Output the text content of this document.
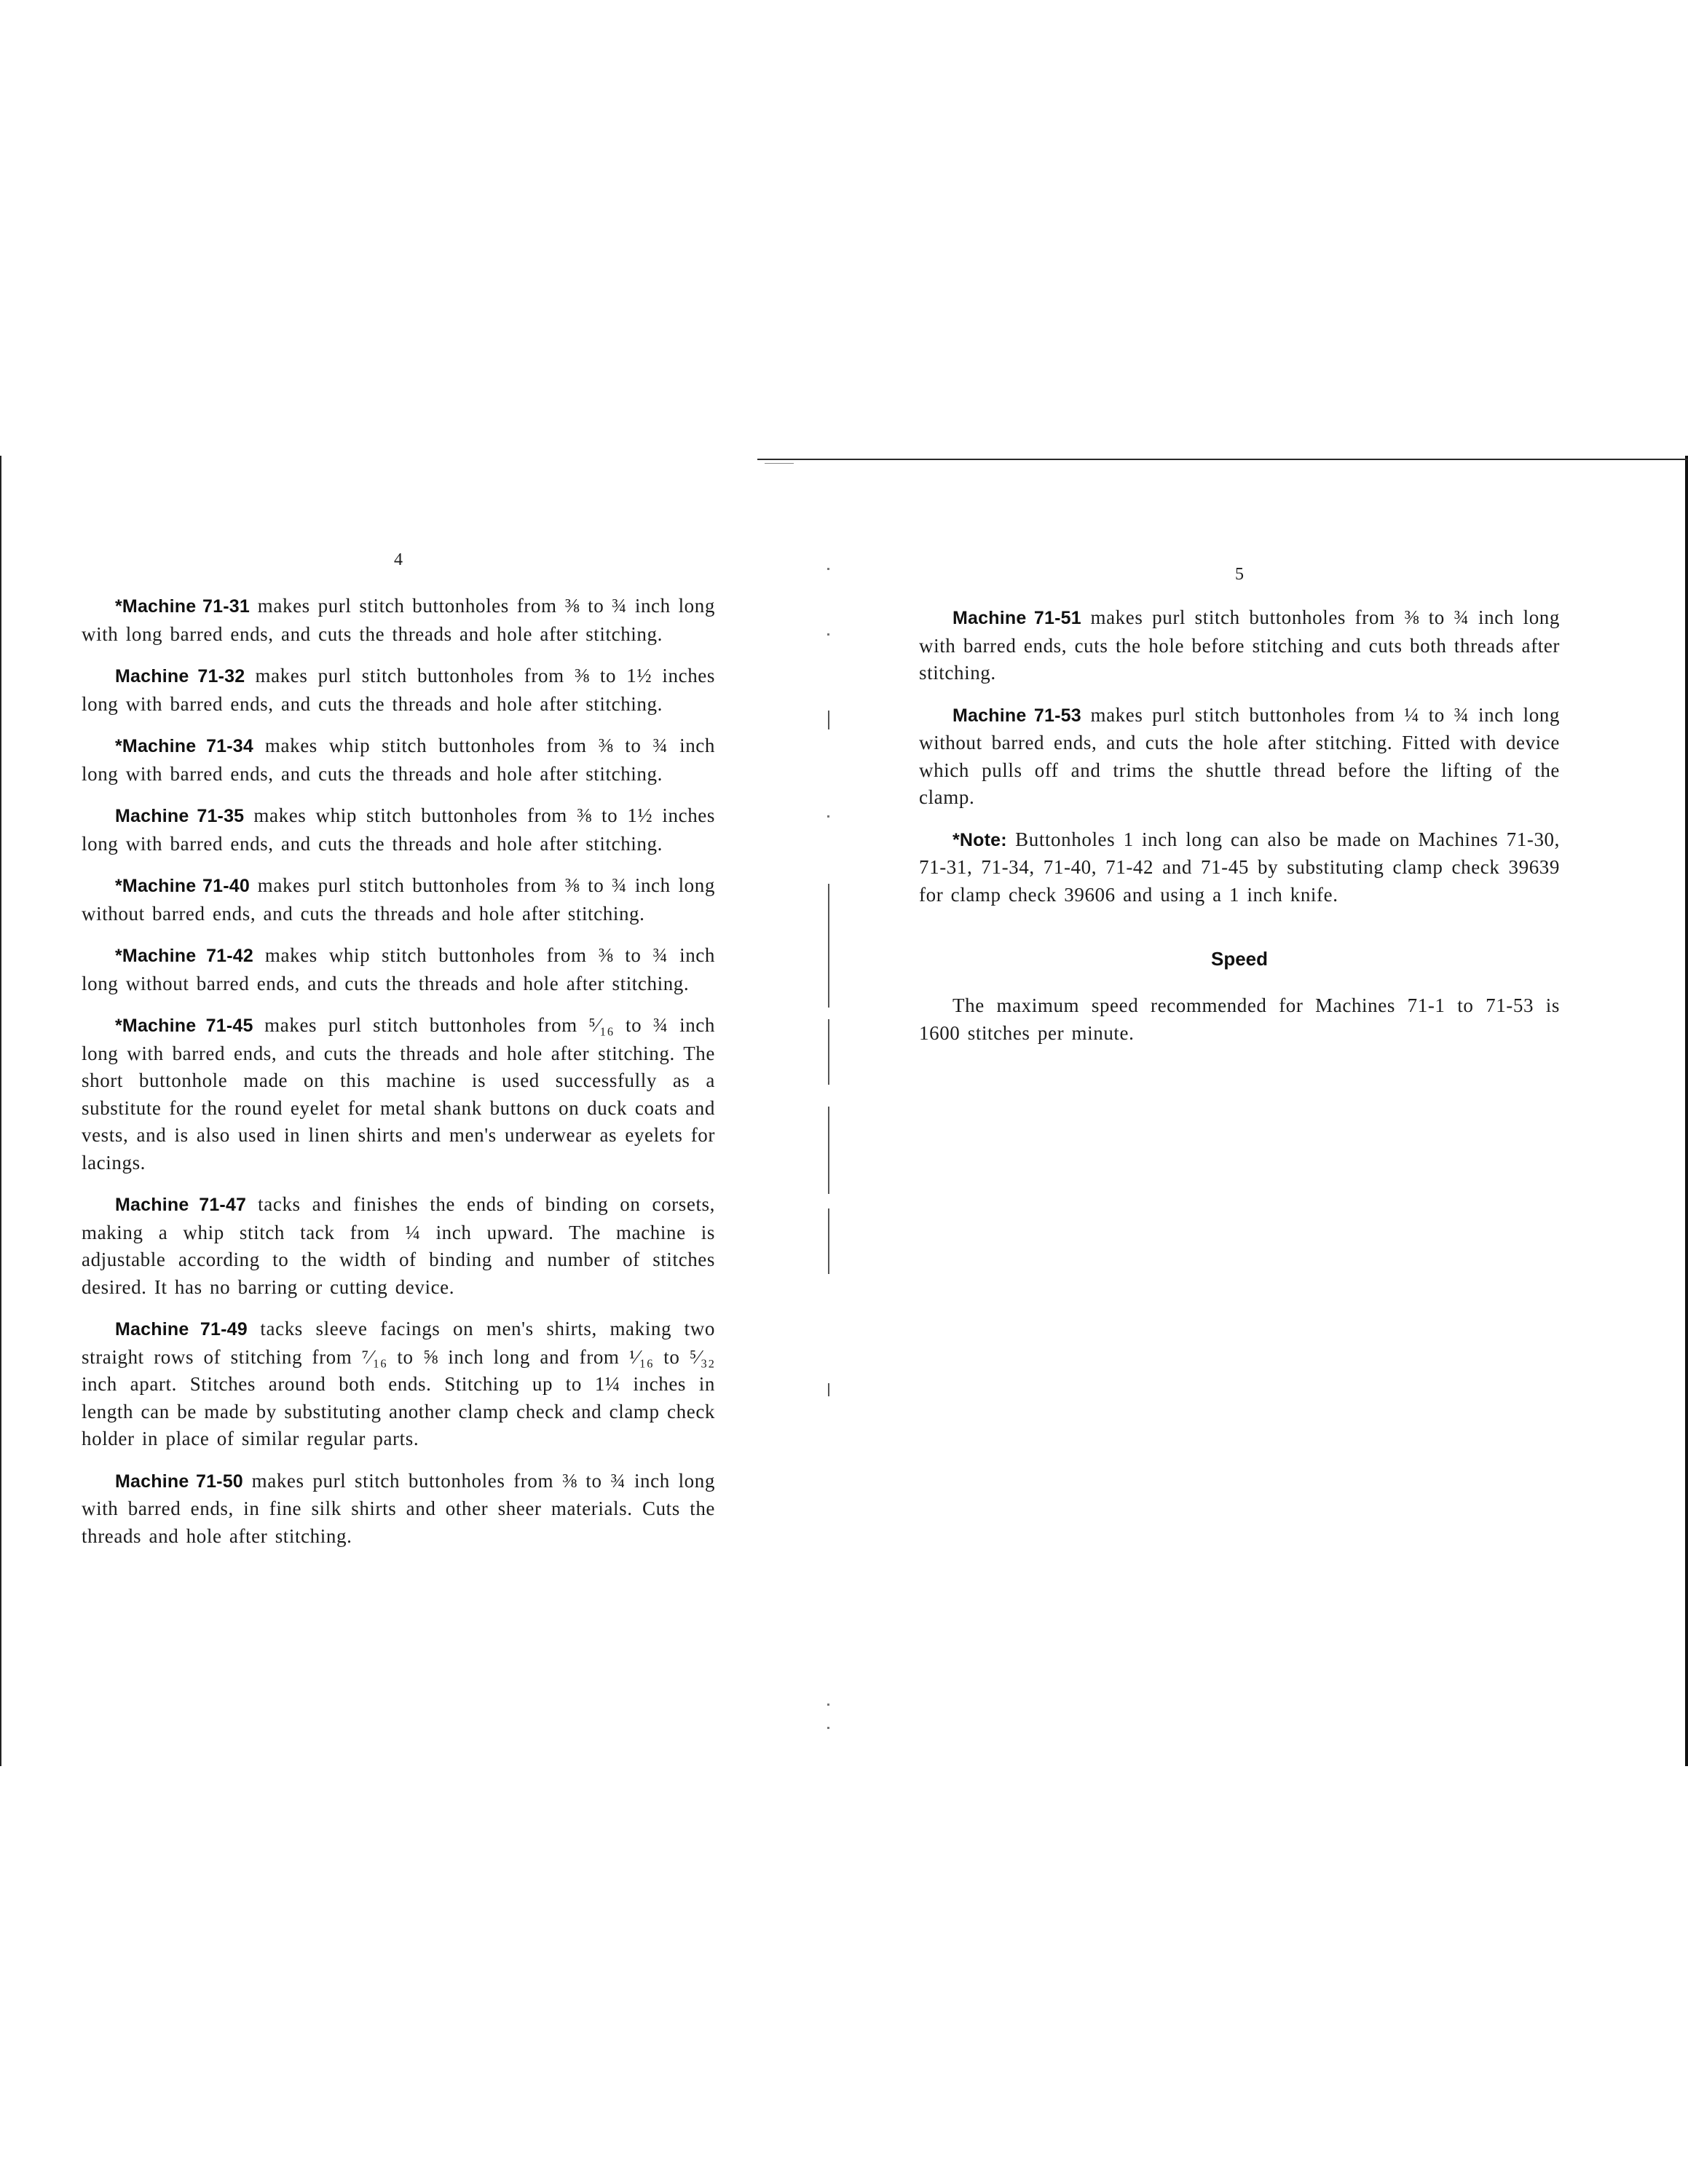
4

*Machine 71-31 makes purl stitch buttonholes from ⅜ to ¾ inch long with long barred ends, and cuts the threads and hole after stitching.

Machine 71-32 makes purl stitch buttonholes from ⅜ to 1½ inches long with barred ends, and cuts the threads and hole after stitching.

*Machine 71-34 makes whip stitch buttonholes from ⅜ to ¾ inch long with barred ends, and cuts the threads and hole after stitching.

Machine 71-35 makes whip stitch buttonholes from ⅜ to 1½ inches long with barred ends, and cuts the threads and hole after stitching.

*Machine 71-40 makes purl stitch buttonholes from ⅜ to ¾ inch long without barred ends, and cuts the threads and hole after stitching.

*Machine 71-42 makes whip stitch buttonholes from ⅜ to ¾ inch long without barred ends, and cuts the threads and hole after stitching.

*Machine 71-45 makes purl stitch buttonholes from ⁵⁄₁₆ to ¾ inch long with barred ends, and cuts the threads and hole after stitching. The short buttonhole made on this machine is used successfully as a substitute for the round eyelet for metal shank buttons on duck coats and vests, and is also used in linen shirts and men's underwear as eyelets for lacings.

Machine 71-47 tacks and finishes the ends of binding on corsets, making a whip stitch tack from ¼ inch upward. The machine is adjustable according to the width of binding and number of stitches desired. It has no barring or cutting device.

Machine 71-49 tacks sleeve facings on men's shirts, making two straight rows of stitching from ⁷⁄₁₆ to ⅝ inch long and from ¹⁄₁₆ to ⁵⁄₃₂ inch apart. Stitches around both ends. Stitching up to 1¼ inches in length can be made by substituting another clamp check and clamp check holder in place of similar regular parts.

Machine 71-50 makes purl stitch buttonholes from ⅜ to ¾ inch long with barred ends, in fine silk shirts and other sheer materials. Cuts the threads and hole after stitching.

5

Machine 71-51 makes purl stitch buttonholes from ⅜ to ¾ inch long with barred ends, cuts the hole before stitching and cuts both threads after stitching.

Machine 71-53 makes purl stitch buttonholes from ¼ to ¾ inch long without barred ends, and cuts the hole after stitching. Fitted with device which pulls off and trims the shuttle thread before the lifting of the clamp.

*Note: Buttonholes 1 inch long can also be made on Machines 71-30, 71-31, 71-34, 71-40, 71-42 and 71-45 by substituting clamp check 39639 for clamp check 39606 and using a 1 inch knife.

Speed

The maximum speed recommended for Machines 71-1 to 71-53 is 1600 stitches per minute.
